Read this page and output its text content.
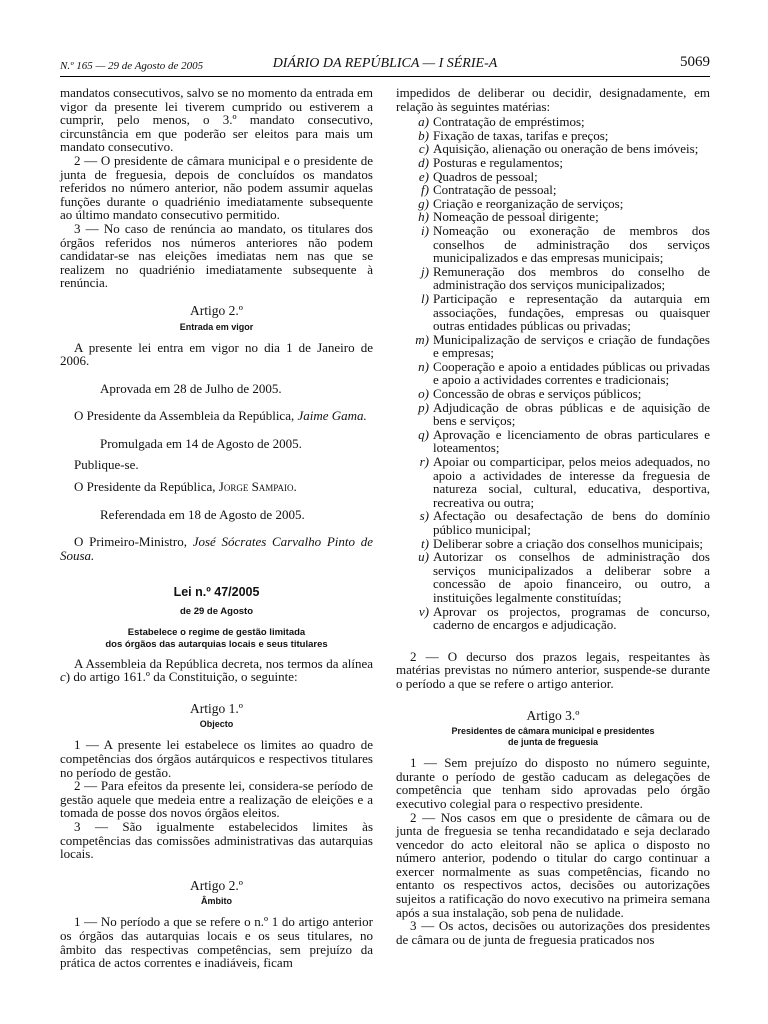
N.º 165 — 29 de Agosto de 2005	DIÁRIO DA REPÚBLICA — I SÉRIE-A	5069

mandatos consecutivos, salvo se no momento da entrada em vigor da presente lei tiverem cumprido ou estiverem a cumprir, pelo menos, o 3.º mandato consecutivo, circunstância em que poderão ser eleitos para mais um mandato consecutivo.

2 — O presidente de câmara municipal e o presidente de junta de freguesia, depois de concluídos os mandatos referidos no número anterior, não podem assumir aquelas funções durante o quadriénio imediatamente subsequente ao último mandato consecutivo permitido.

3 — No caso de renúncia ao mandato, os titulares dos órgãos referidos nos números anteriores não podem candidatar-se nas eleições imediatas nem nas que se realizem no quadriénio imediatamente subsequente à renúncia.

Artigo 2.º
Entrada em vigor

A presente lei entra em vigor no dia 1 de Janeiro de 2006.

Aprovada em 28 de Julho de 2005.

O Presidente da Assembleia da República, Jaime Gama.

Promulgada em 14 de Agosto de 2005.

Publique-se.

O Presidente da República, Jorge Sampaio.

Referendada em 18 de Agosto de 2005.

O Primeiro-Ministro, José Sócrates Carvalho Pinto de Sousa.

Lei n.º 47/2005
de 29 de Agosto
Estabelece o regime de gestão limitada
dos órgãos das autarquias locais e seus titulares

A Assembleia da República decreta, nos termos da alínea c) do artigo 161.º da Constituição, o seguinte:

Artigo 1.º
Objecto

1 — A presente lei estabelece os limites ao quadro de competências dos órgãos autárquicos e respectivos titulares no período de gestão.

2 — Para efeitos da presente lei, considera-se período de gestão aquele que medeia entre a realização de eleições e a tomada de posse dos novos órgãos eleitos.

3 — São igualmente estabelecidos limites às competências das comissões administrativas das autarquias locais.

Artigo 2.º
Âmbito

1 — No período a que se refere o n.º 1 do artigo anterior os órgãos das autarquias locais e os seus titulares, no âmbito das respectivas competências, sem prejuízo da prática de actos correntes e inadiáveis, ficam

impedidos de deliberar ou decidir, designadamente, em relação às seguintes matérias:

a) Contratação de empréstimos;
b) Fixação de taxas, tarifas e preços;
c) Aquisição, alienação ou oneração de bens imóveis;
d) Posturas e regulamentos;
e) Quadros de pessoal;
f) Contratação de pessoal;
g) Criação e reorganização de serviços;
h) Nomeação de pessoal dirigente;
i) Nomeação ou exoneração de membros dos conselhos de administração dos serviços municipalizados e das empresas municipais;
j) Remuneração dos membros do conselho de administração dos serviços municipalizados;
l) Participação e representação da autarquia em associações, fundações, empresas ou quaisquer outras entidades públicas ou privadas;
m) Municipalização de serviços e criação de fundações e empresas;
n) Cooperação e apoio a entidades públicas ou privadas e apoio a actividades correntes e tradicionais;
o) Concessão de obras e serviços públicos;
p) Adjudicação de obras públicas e de aquisição de bens e serviços;
q) Aprovação e licenciamento de obras particulares e loteamentos;
r) Apoiar ou comparticipar, pelos meios adequados, no apoio a actividades de interesse da freguesia de natureza social, cultural, educativa, desportiva, recreativa ou outra;
s) Afectação ou desafectação de bens do domínio público municipal;
t) Deliberar sobre a criação dos conselhos municipais;
u) Autorizar os conselhos de administração dos serviços municipalizados a deliberar sobre a concessão de apoio financeiro, ou outro, a instituições legalmente constituídas;
v) Aprovar os projectos, programas de concurso, caderno de encargos e adjudicação.

2 — O decurso dos prazos legais, respeitantes às matérias previstas no número anterior, suspende-se durante o período a que se refere o artigo anterior.

Artigo 3.º
Presidentes de câmara municipal e presidentes
de junta de freguesia

1 — Sem prejuízo do disposto no número seguinte, durante o período de gestão caducam as delegações de competência que tenham sido aprovadas pelo órgão executivo colegial para o respectivo presidente.

2 — Nos casos em que o presidente de câmara ou de junta de freguesia se tenha recandidatado e seja declarado vencedor do acto eleitoral não se aplica o disposto no número anterior, podendo o titular do cargo continuar a exercer normalmente as suas competências, ficando no entanto os respectivos actos, decisões ou autorizações sujeitos a ratificação do novo executivo na primeira semana após a sua instalação, sob pena de nulidade.

3 — Os actos, decisões ou autorizações dos presidentes de câmara ou de junta de freguesia praticados nos
